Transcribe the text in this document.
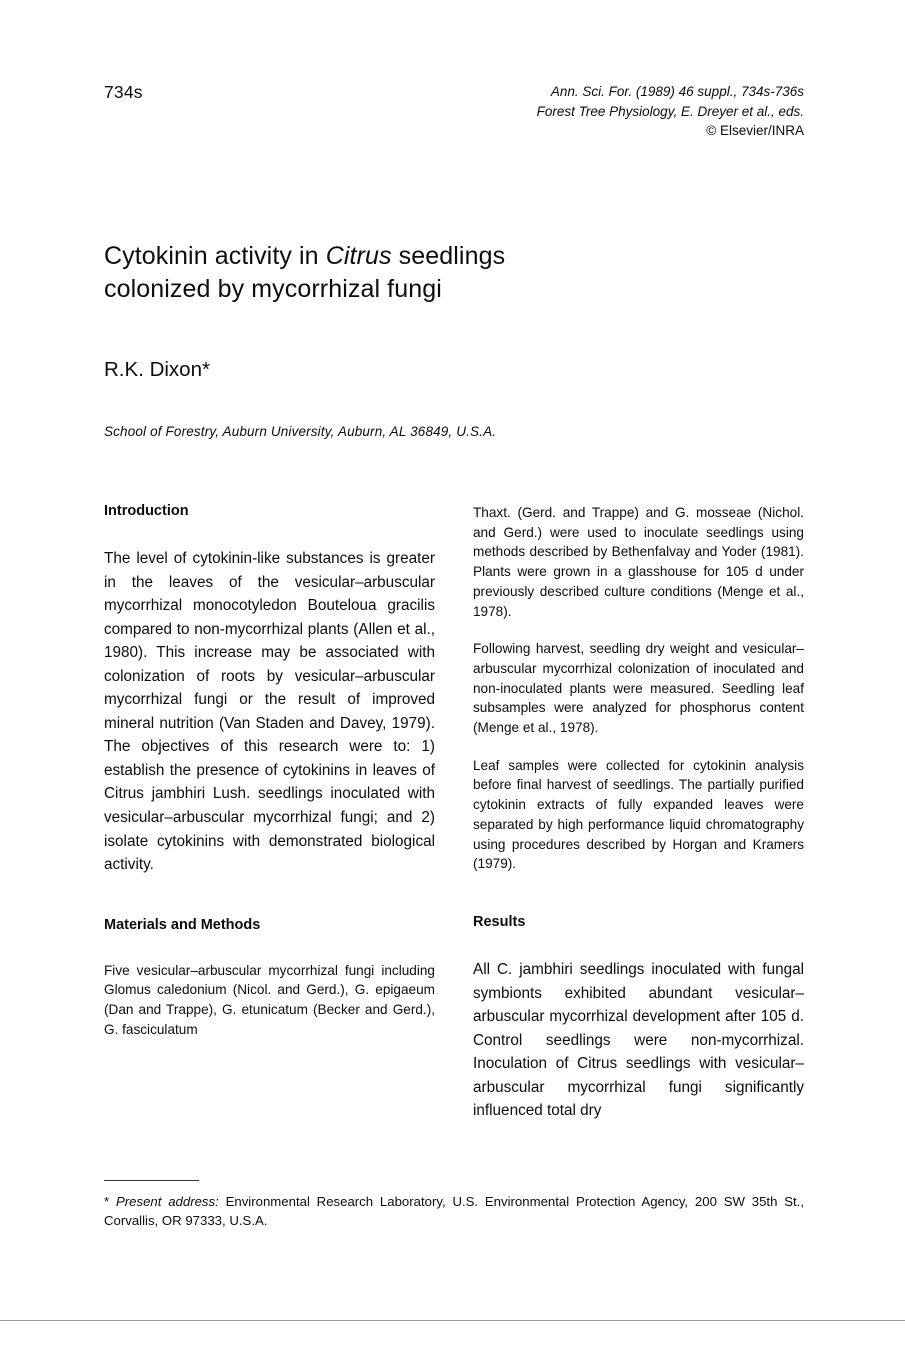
734s	Ann. Sci. For. (1989) 46 suppl., 734s-736s
Forest Tree Physiology, E. Dreyer et al., eds.
© Elsevier/INRA
Cytokinin activity in Citrus seedlings
colonized by mycorrhizal fungi
R.K. Dixon*
School of Forestry, Auburn University, Auburn, AL 36849, U.S.A.
Introduction

The level of cytokinin-like substances is greater in the leaves of the vesicular–arbuscular mycorrhizal monocotyledon Bouteloua gracilis compared to non-mycorrhizal plants (Allen et al., 1980). This increase may be associated with colonization of roots by vesicular–arbuscular mycorrhizal fungi or the result of improved mineral nutrition (Van Staden and Davey, 1979). The objectives of this research were to: 1) establish the presence of cytokinins in leaves of Citrus jambhiri Lush. seedlings inoculated with vesicular–arbuscular mycorrhizal fungi; and 2) isolate cytokinins with demonstrated biological activity.

Materials and Methods

Five vesicular–arbuscular mycorrhizal fungi including Glomus caledonium (Nicol. and Gerd.), G. epigaeum (Dan and Trappe), G. etunicatum (Becker and Gerd.), G. fasciculatum

Thaxt. (Gerd. and Trappe) and G. mosseae (Nichol. and Gerd.) were used to inoculate seedlings using methods described by Bethenfalvay and Yoder (1981). Plants were grown in a glasshouse for 105 d under previously described culture conditions (Menge et al., 1978).

Following harvest, seedling dry weight and vesicular–arbuscular mycorrhizal colonization of inoculated and non-inoculated plants were measured. Seedling leaf subsamples were analyzed for phosphorus content (Menge et al., 1978).

Leaf samples were collected for cytokinin analysis before final harvest of seedlings. The partially purified cytokinin extracts of fully expanded leaves were separated by high performance liquid chromatography using procedures described by Horgan and Kramers (1979).

Results

All C. jambhiri seedlings inoculated with fungal symbionts exhibited abundant vesicular–arbuscular mycorrhizal development after 105 d. Control seedlings were non-mycorrhizal. Inoculation of Citrus seedlings with vesicular–arbuscular mycorrhizal fungi significantly influenced total dry

* Present address: Environmental Research Laboratory, U.S. Environmental Protection Agency, 200 SW 35th St., Corvallis, OR 97333, U.S.A.
